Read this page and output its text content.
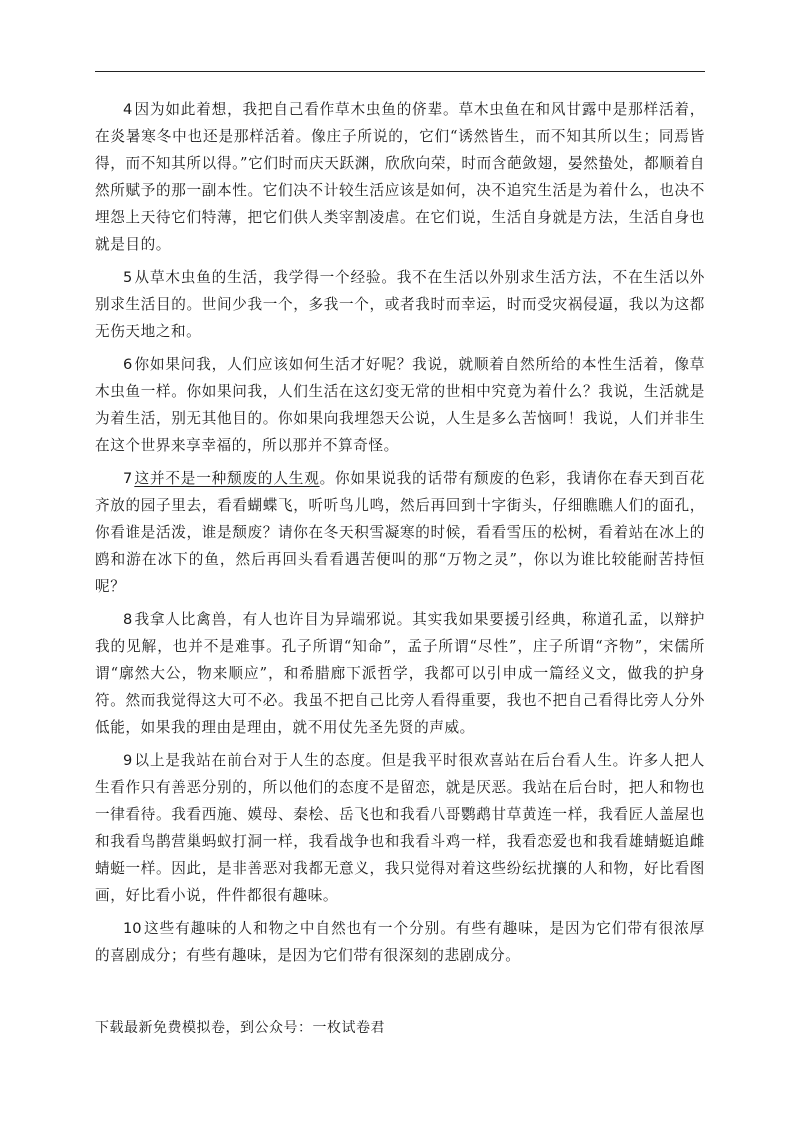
4 因为如此着想，我把自己看作草木虫鱼的侪辈。草木虫鱼在和风甘露中是那样活着，在炎暑寒冬中也还是那样活着。像庄子所说的，它们“诱然皆生，而不知其所以生；同焉皆得，而不知其所以得。”它们时而庆天跃渊，欣欣向荣，时而含葩敛翅，晏然蛰处，都顺着自然所赋予的那一副本性。它们决不计较生活应该是如何，决不追究生活是为着什么，也决不埋怨上天待它们特薄，把它们供人类宰割凌虐。在它们说，生活自身就是方法，生活自身也就是目的。

5 从草木虫鱼的生活，我学得一个经验。我不在生活以外别求生活方法，不在生活以外别求生活目的。世间少我一个，多我一个，或者我时而幸运，时而受灾祸侵逼，我以为这都无伤天地之和。

6 你如果问我，人们应该如何生活才好呢？我说，就顺着自然所给的本性生活着，像草木虫鱼一样。你如果问我，人们生活在这幻变无常的世相中究竟为着什么？我说，生活就是为着生活，别无其他目的。你如果向我埋怨天公说，人生是多么苦恼呵！我说，人们并非生在这个世界来享幸福的，所以那并不算奇怪。

7 这并不是一种颓废的人生观。你如果说我的话带有颓废的色彩，我请你在春天到百花齐放的园子里去，看看蝴蝶飞，听听鸟儿鸣，然后再回到十字街头，仔细瞧瞧人们的面孔，你看谁是活泼，谁是颓废？请你在冬天积雪凝寒的时候，看看雪压的松树，看着站在冰上的鸥和游在冰下的鱼，然后再回头看看遇苦便叫的那“万物之灵”，你以为谁比较能耐苦持恒呢？

8 我拿人比禽兽，有人也许目为异端邪说。其实我如果要援引经典，称道孔孟，以辩护我的见解，也并不是难事。孔子所谓“知命”，孟子所谓“尽性”，庄子所谓“齐物”，宋儒所谓“廓然大公，物来顺应”，和希腊廊下派哲学，我都可以引申成一篇经义文，做我的护身符。然而我觉得这大可不必。我虽不把自己比旁人看得重要，我也不把自己看得比旁人分外低能，如果我的理由是理由，就不用仗先圣先贤的声威。

9 以上是我站在前台对于人生的态度。但是我平时很欢喜站在后台看人生。许多人把人生看作只有善恶分别的，所以他们的态度不是留恋，就是厌恶。我站在后台时，把人和物也一律看待。我看西施、嫫母、秦桧、岳飞也和我看八哥鹦鹉甘草黄连一样，我看匠人盖屋也和我看鸟鹊营巢蚂蚁打洞一样，我看战争也和我看斗鸡一样，我看恋爱也和我看雄蜻蜓追雌蜻蜓一样。因此，是非善恶对我都无意义，我只觉得对着这些纷纭扰攘的人和物，好比看图画，好比看小说，件件都很有趣味。

10 这些有趣味的人和物之中自然也有一个分别。有些有趣味，是因为它们带有很浓厚的喜剧成分；有些有趣味，是因为它们带有很深刻的悲剧成分。

下载最新免费模拟卷，到公众号：一枚试卷君
